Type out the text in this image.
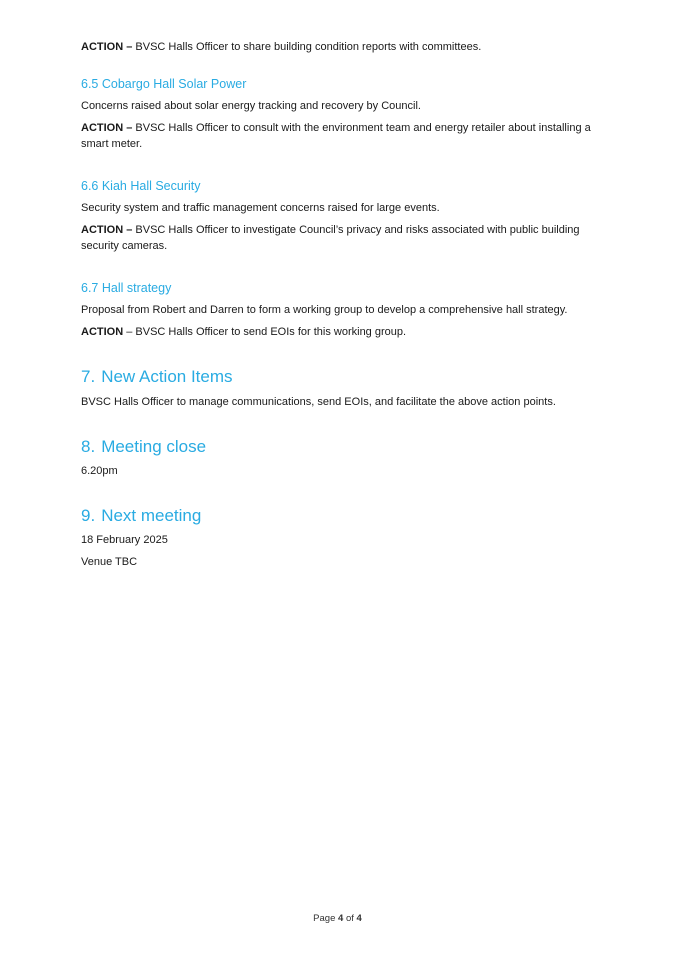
ACTION – BVSC Halls Officer to share building condition reports with committees.

6.5 Cobargo Hall Solar Power

Concerns raised about solar energy tracking and recovery by Council.

ACTION – BVSC Halls Officer to consult with the environment team and energy retailer about installing a

smart meter.

6.6 Kiah Hall Security

Security system and traffic management concerns raised for large events.

ACTION – BVSC Halls Officer to investigate Council’s privacy and risks associated with public building

security cameras.

6.7 Hall strategy

Proposal from Robert and Darren to form a working group to develop a comprehensive hall strategy.

ACTION – BVSC Halls Officer to send EOIs for this working group.

7. New Action Items

BVSC Halls Officer to manage communications, send EOIs, and facilitate the above action points.

8. Meeting close

6.20pm

9. Next meeting

18 February 2025

Venue TBC

Page 4 of 4
